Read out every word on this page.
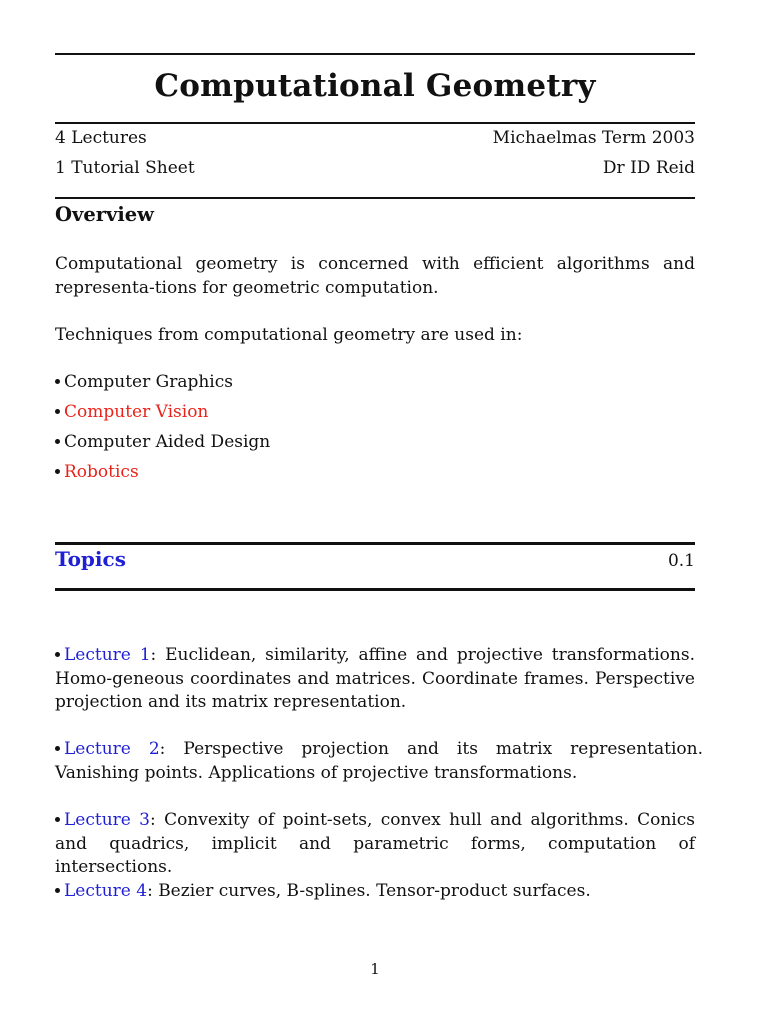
Computational Geometry
4 Lectures	Michaelmas Term 2003
1 Tutorial Sheet	Dr ID Reid
Overview
Computational geometry is concerned with efficient algorithms and representa-tions for geometric computation.
Techniques from computational geometry are used in:
Computer Graphics
Computer Vision
Computer Aided Design
Robotics
Topics	0.1
Lecture 1: Euclidean, similarity, affine and projective transformations. Homo-geneous coordinates and matrices. Coordinate frames. Perspective projection and its matrix representation.
Lecture 2: Perspective projection and its matrix representation. Vanishing points. Applications of projective transformations.
Lecture 3: Convexity of point-sets, convex hull and algorithms. Conics and quadrics, implicit and parametric forms, computation of intersections.
Lecture 4: Bezier curves, B-splines. Tensor-product surfaces.
1
